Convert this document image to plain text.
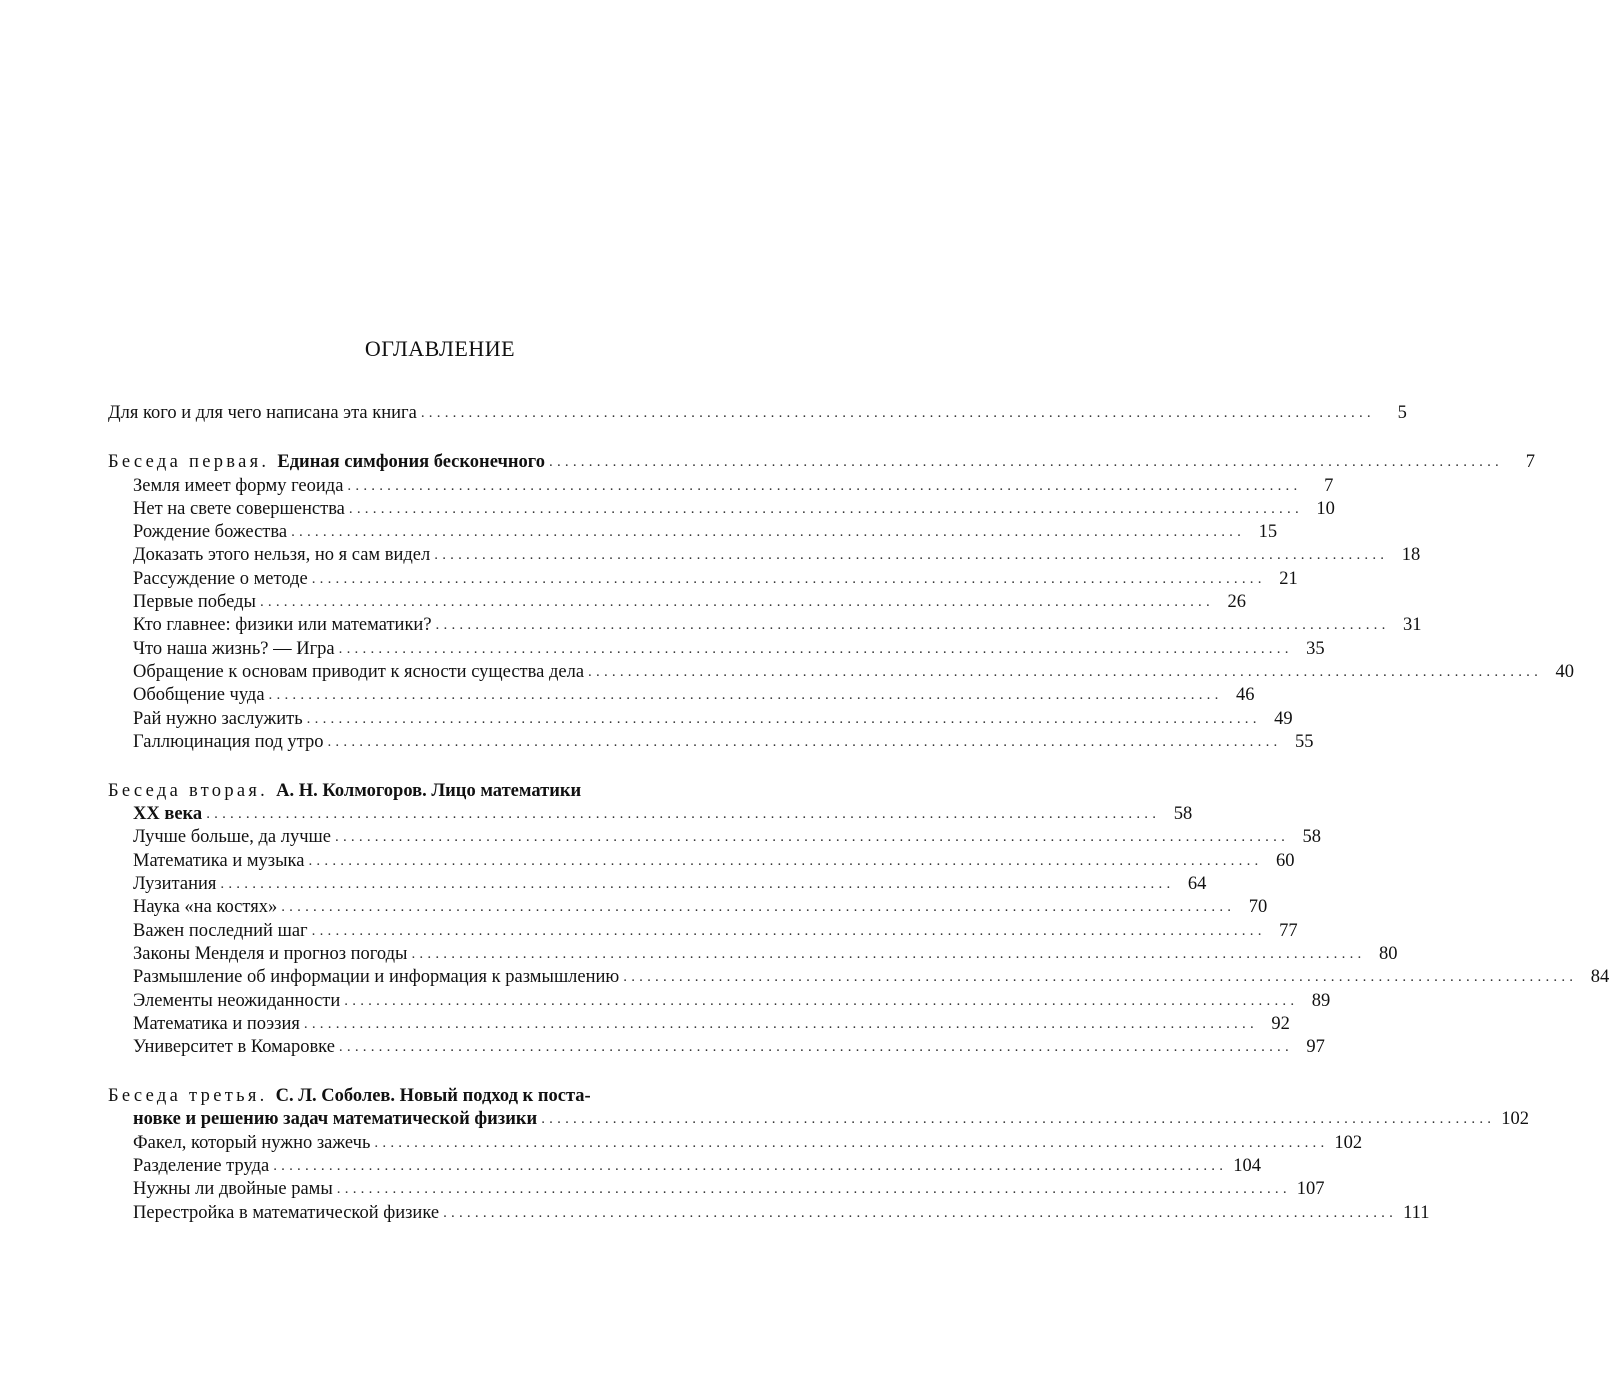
ОГЛАВЛЕНИЕ
Для кого и для чего написана эта книга ........................................................................................................................	5
Беседа первая. Единая симфония бесконечного ........................................................................................................................	7
Земля имеет форму геоида ........................................................................................................................	7
Нет на свете совершенства ........................................................................................................................ 10
Рождение божества ........................................................................................................................ 15
Доказать этого нельзя, но я сам видел ........................................................................................................................ 18
Рассуждение о методе ........................................................................................................................ 21
Первые победы ........................................................................................................................ 26
Кто главнее: физики или математики? ........................................................................................................................ 31
Что наша жизнь? — Игра ........................................................................................................................ 35
Обращение к основам приводит к ясности существа дела ........................................................................................................................ 40
Обобщение чуда ........................................................................................................................ 46
Рай нужно заслужить ........................................................................................................................ 49
Галлюцинация под утро ........................................................................................................................ 55
Беседа вторая. А. Н. Колмогоров. Лицо математики
XX века ........................................................................................................................ 58
Лучше больше, да лучше ........................................................................................................................ 58
Математика и музыка ........................................................................................................................ 60
Лузитания ........................................................................................................................ 64
Наука «на костях» ........................................................................................................................ 70
Важен последний шаг ........................................................................................................................ 77
Законы Менделя и прогноз погоды ........................................................................................................................ 80
Размышление об информации и информация к размышлению ........................................................................................................................ 84
Элементы неожиданности ........................................................................................................................ 89
Математика и поэзия ........................................................................................................................ 92
Университет в Комаровке ........................................................................................................................ 97
Беседа третья. С. Л. Соболев. Новый подход к поста-
новке и решению задач математической физики ........................................................................................................................ 102
Факел, который нужно зажечь ........................................................................................................................ 102
Разделение труда ........................................................................................................................ 104
Нужны ли двойные рамы ........................................................................................................................ 107
Перестройка в математической физике ........................................................................................................................ 111
